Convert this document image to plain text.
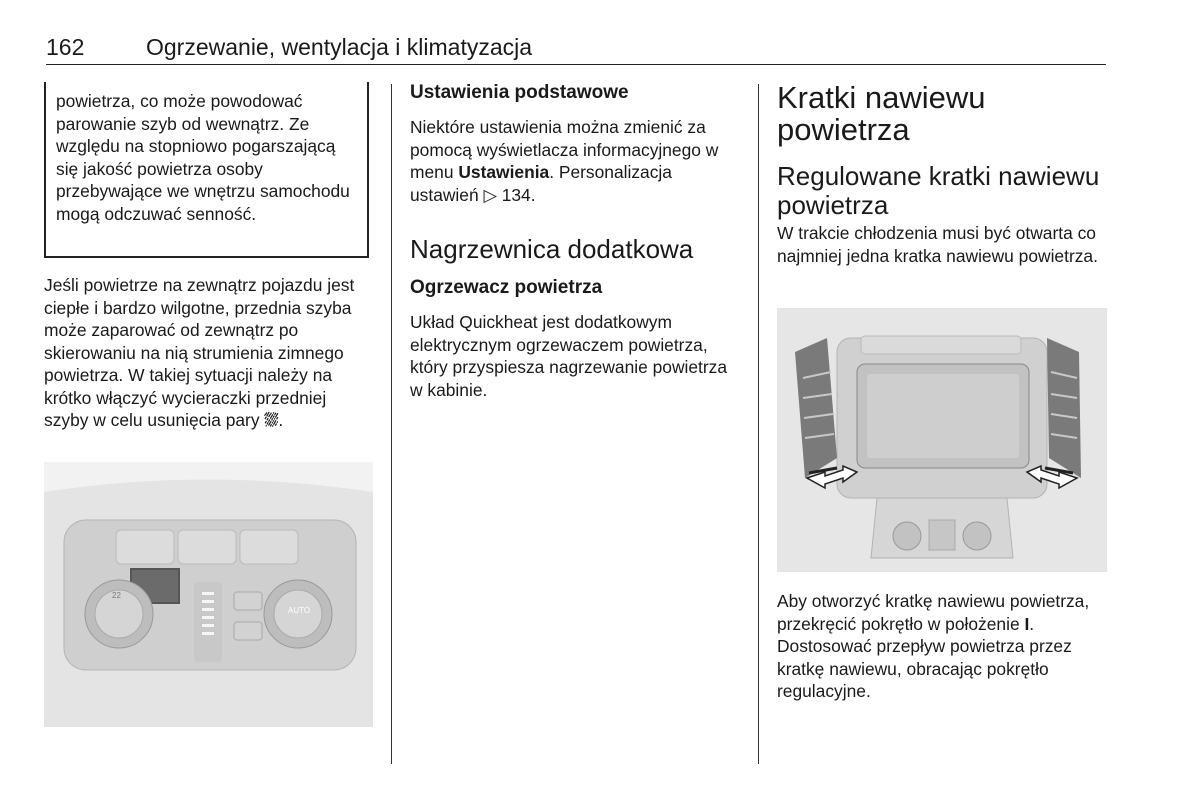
162	Ogrzewanie, wentylacja i klimatyzacja

powietrza, co może powodować parowanie szyb od wewnątrz. Ze względu na stopniowo pogarszającą się jakość powietrza osoby przebywające we wnętrzu samochodu mogą odczuwać senność.

Jeśli powietrze na zewnątrz pojazdu jest ciepłe i bardzo wilgotne, przednia szyba może zaparować od zewnątrz po skierowaniu na nią strumienia zimnego powietrza. W takiej sytuacji należy na krótko włączyć wycieraczki przedniej szyby w celu usunięcia pary ⛆.

22
AUTO

Ustawienia podstawowe

Niektóre ustawienia można zmienić za pomocą wyświetlacza informacyjnego w menu Ustawienia. Personalizacja ustawień ▷ 134.

Nagrzewnica dodatkowa

Ogrzewacz powietrza

Układ Quickheat jest dodatkowym elektrycznym ogrzewaczem powietrza, który przyspiesza nagrzewanie powietrza w kabinie.

Kratki nawiewu powietrza

Regulowane kratki nawiewu powietrza

W trakcie chłodzenia musi być otwarta co najmniej jedna kratka nawiewu powietrza.

Aby otworzyć kratkę nawiewu powietrza, przekręcić pokrętło w położenie I. Dostosować przepływ powietrza przez kratkę nawiewu, obracając pokrętło regulacyjne.
